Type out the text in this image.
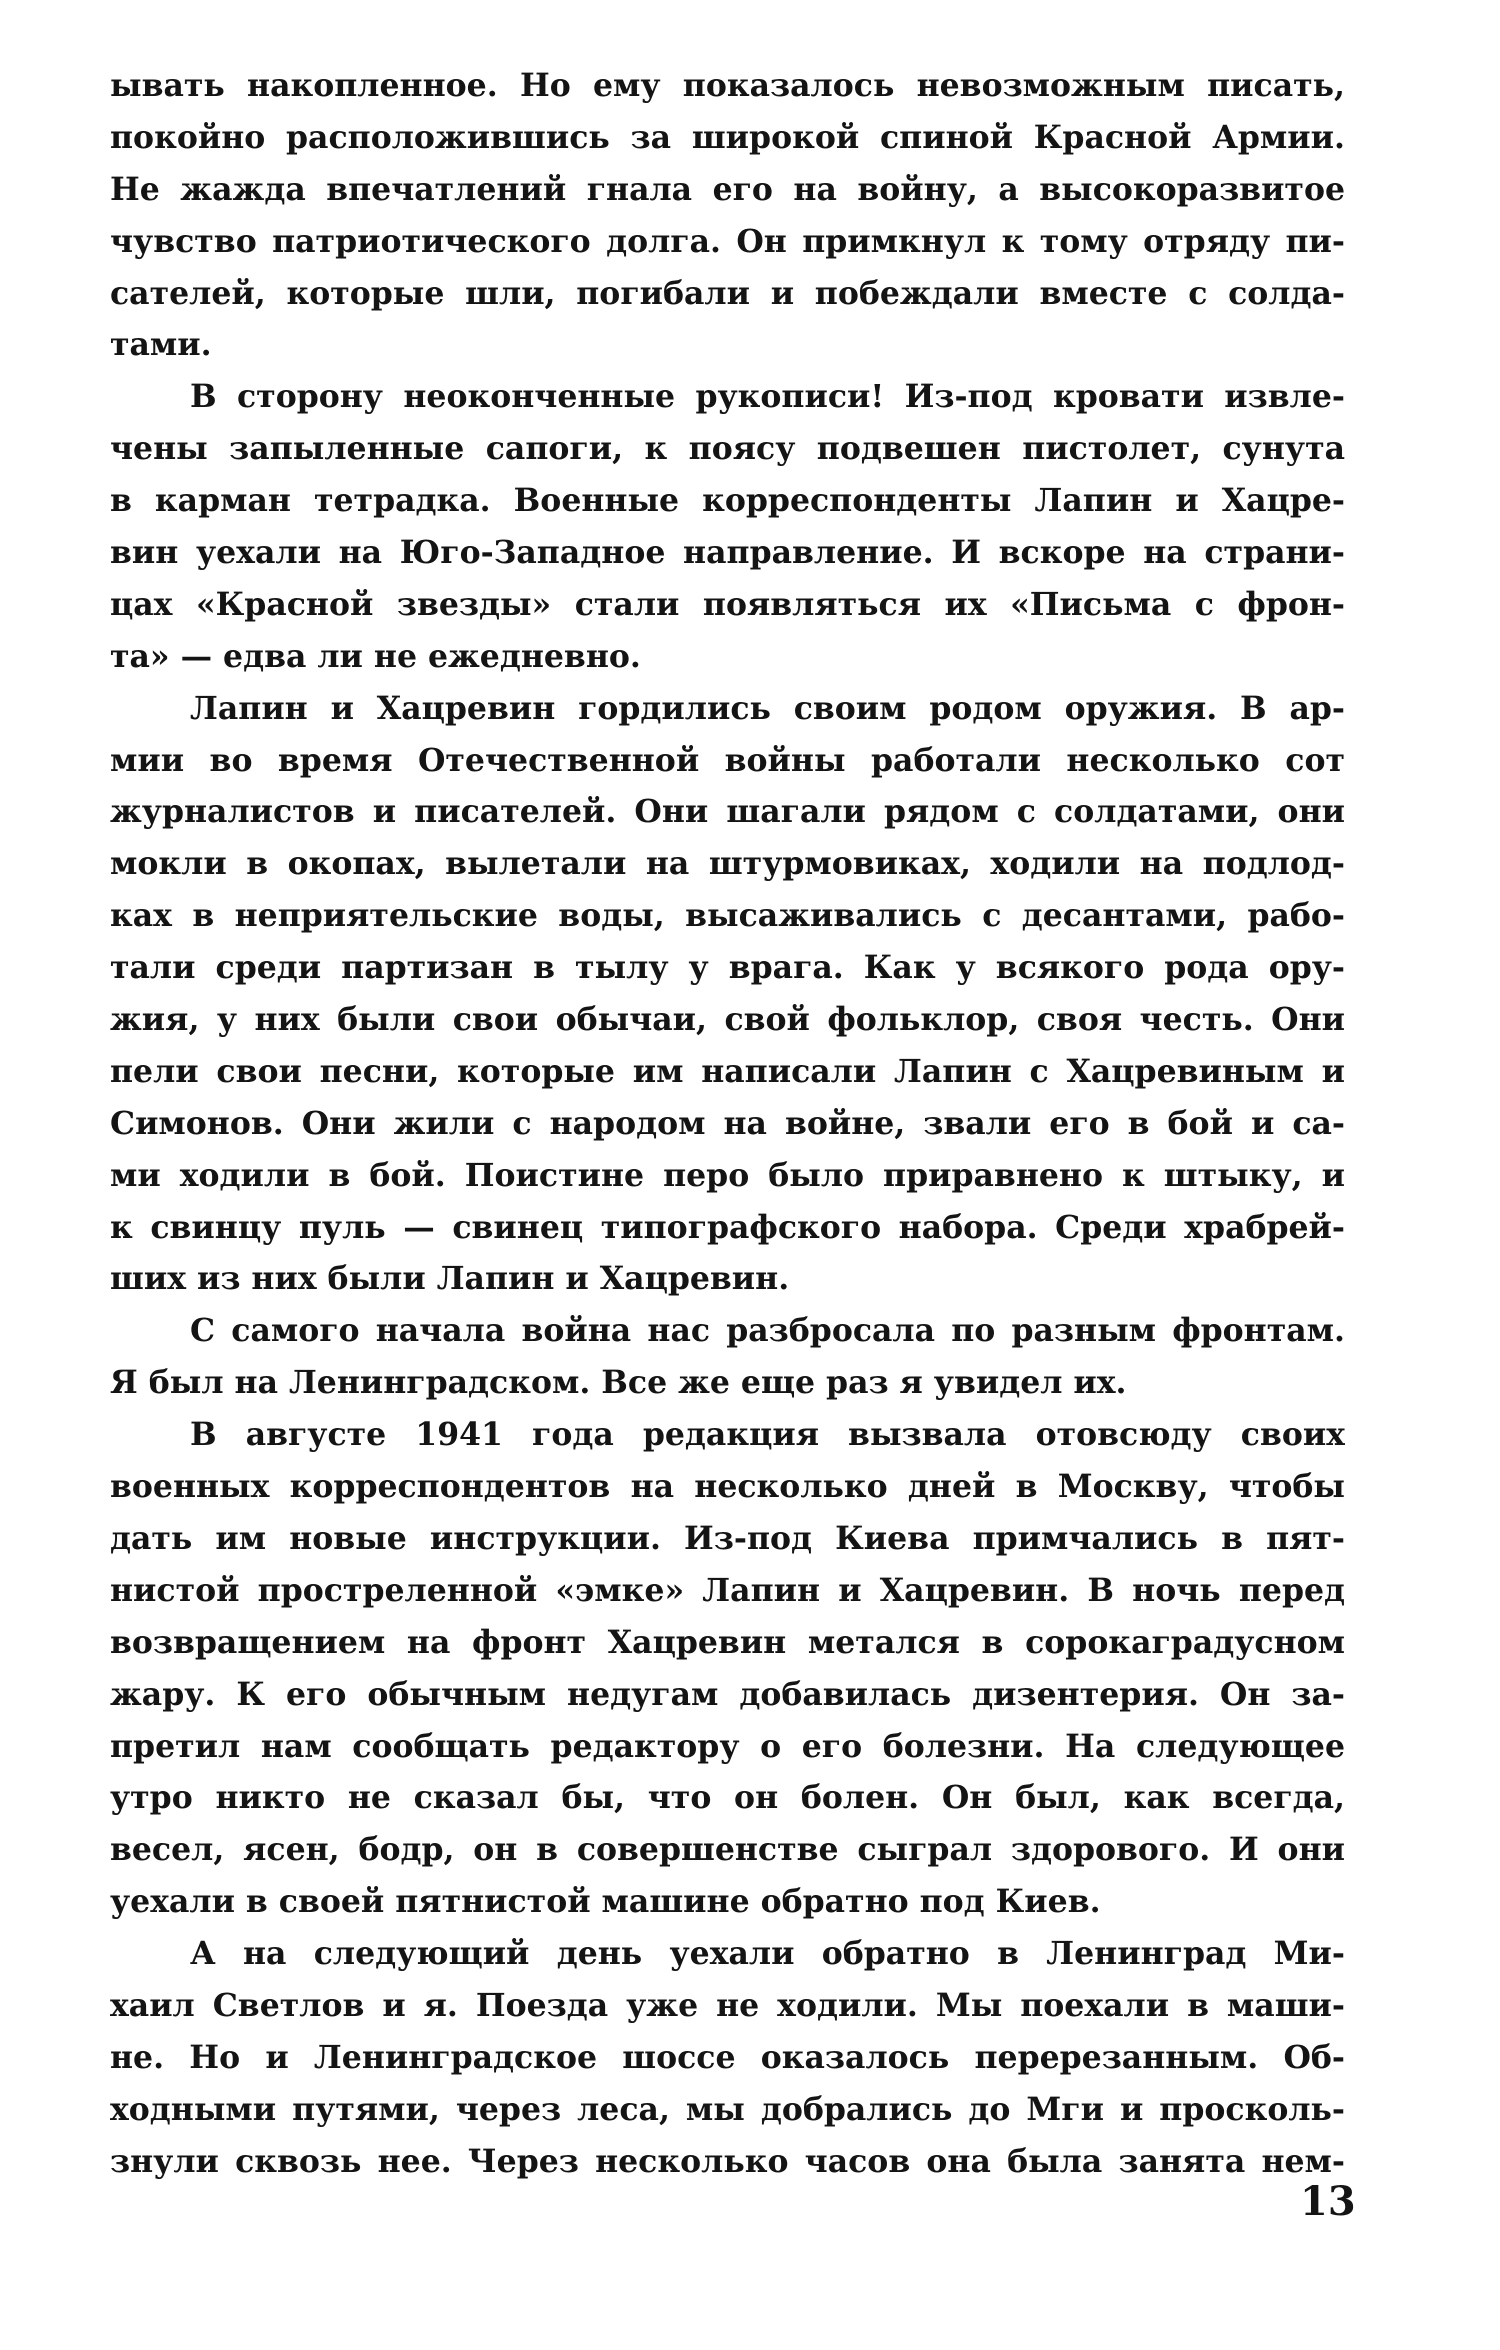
ывать накопленное. Но ему показалось невозможным писать,

покойно расположившись за широкой спиной Красной Армии.

Не жажда впечатлений гнала его на войну, а высокоразвитое

чувство патриотического долга. Он примкнул к тому отряду пи-

сателей, которые шли, погибали и побеждали вместе с солда-

тами.

В сторону неоконченные рукописи! Из-под кровати извле-

чены запыленные сапоги, к поясу подвешен пистолет, сунута

в карман тетрадка. Военные корреспонденты Лапин и Хацре-

вин уехали на Юго-Западное направление. И вскоре на страни-

цах «Красной звезды» стали появляться их «Письма с фрон-

та» — едва ли не ежедневно.

Лапин и Хацревин гордились своим родом оружия. В ар-

мии во время Отечественной войны работали несколько сот

журналистов и писателей. Они шагали рядом с солдатами, они

мокли в окопах, вылетали на штурмовиках, ходили на подлод-

ках в неприятельские воды, высаживались с десантами, рабо-

тали среди партизан в тылу у врага. Как у всякого рода ору-

жия, у них были свои обычаи, свой фольклор, своя честь. Они

пели свои песни, которые им написали Лапин с Хацревиным и

Симонов. Они жили с народом на войне, звали его в бой и са-

ми ходили в бой. Поистине перо было приравнено к штыку, и

к свинцу пуль — свинец типографского набора. Среди храбрей-

ших из них были Лапин и Хацревин.

С самого начала война нас разбросала по разным фронтам.

Я был на Ленинградском. Все же еще раз я увидел их.

В августе 1941 года редакция вызвала отовсюду своих

военных корреспондентов на несколько дней в Москву, чтобы

дать им новые инструкции. Из-под Киева примчались в пят-

нистой простреленной «эмке» Лапин и Хацревин. В ночь перед

возвращением на фронт Хацревин метался в сорокаградусном

жару. К его обычным недугам добавилась дизентерия. Он за-

претил нам сообщать редактору о его болезни. На следующее

утро никто не сказал бы, что он болен. Он был, как всегда,

весел, ясен, бодр, он в совершенстве сыграл здорового. И они

уехали в своей пятнистой машине обратно под Киев.

А на следующий день уехали обратно в Ленинград Ми-

хаил Светлов и я. Поезда уже не ходили. Мы поехали в маши-

не. Но и Ленинградское шоссе оказалось перерезанным. Об-

ходными путями, через леса, мы добрались до Мги и просколь-

знули сквозь нее. Через несколько часов она была занята нем-

13
